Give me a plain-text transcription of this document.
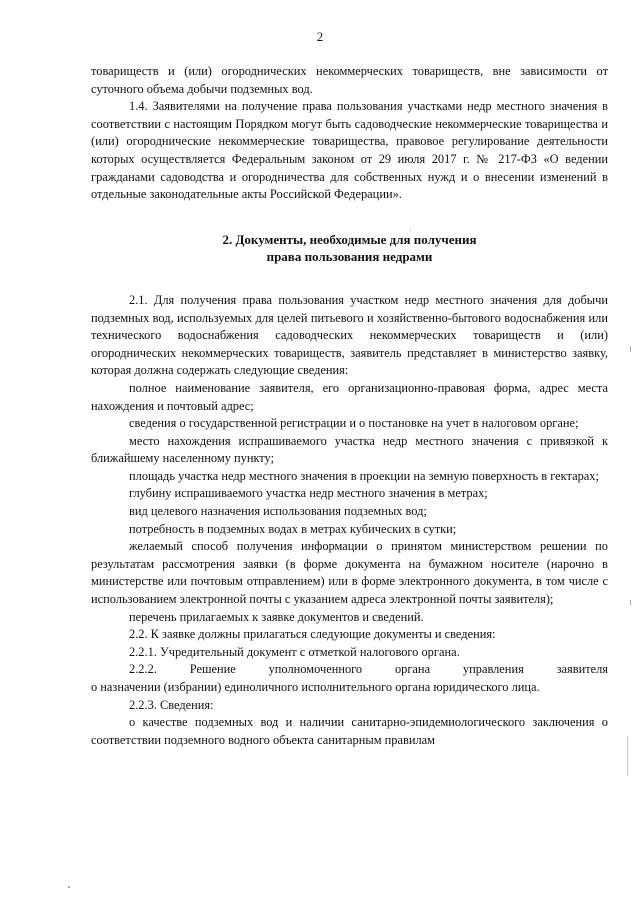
2

товариществ и (или) огороднических некоммерческих товариществ, вне зависимости от суточного объема добычи подземных вод.

1.4. Заявителями на получение права пользования участками недр местного значения в соответствии с настоящим Порядком могут быть садоводческие некоммерческие товарищества и (или) огороднические некоммерческие товарищества, правовое регулирование деятельности которых осуществляется Федеральным законом от 29 июля 2017 г. № 217-ФЗ «О ведении гражданами садоводства и огородничества для собственных нужд и о внесении изменений в отдельные законодательные акты Российской Федерации».

2. Документы, необходимые для получения

права пользования недрами

2.1. Для получения права пользования участком недр местного значения для добычи подземных вод, используемых для целей питьевого и хозяйственно-бытового водоснабжения или технического водоснабжения садоводческих некоммерческих товариществ и (или) огороднических некоммерческих товариществ, заявитель представляет в министерство заявку, которая должна содержать следующие сведения:

полное наименование заявителя, его организационно-правовая форма, адрес места нахождения и почтовый адрес;

сведения о государственной регистрации и о постановке на учет в налоговом органе;

место нахождения испрашиваемого участка недр местного значения с привязкой к ближайшему населенному пункту;

площадь участка недр местного значения в проекции на земную поверхность в гектарах;

глубину испрашиваемого участка недр местного значения в метрах;

вид целевого назначения использования подземных вод;

потребность в подземных водах в метрах кубических в сутки;

желаемый способ получения информации о принятом министерством решении по результатам рассмотрения заявки (в форме документа на бумажном носителе (нарочно в министерстве или почтовым отправлением) или в форме электронного документа, в том числе с использованием электронной почты с указанием адреса электронной почты заявителя);

перечень прилагаемых к заявке документов и сведений.

2.2. К заявке должны прилагаться следующие документы и сведения:

2.2.1. Учредительный документ с отметкой налогового органа.

2.2.2. Решение уполномоченного органа управления заявителя

о назначении (избрании) единоличного исполнительного органа юридического лица.

2.2.3. Сведения:

о качестве подземных вод и наличии санитарно-эпидемиологического заключения о соответствии подземного водного объекта санитарным правилам
